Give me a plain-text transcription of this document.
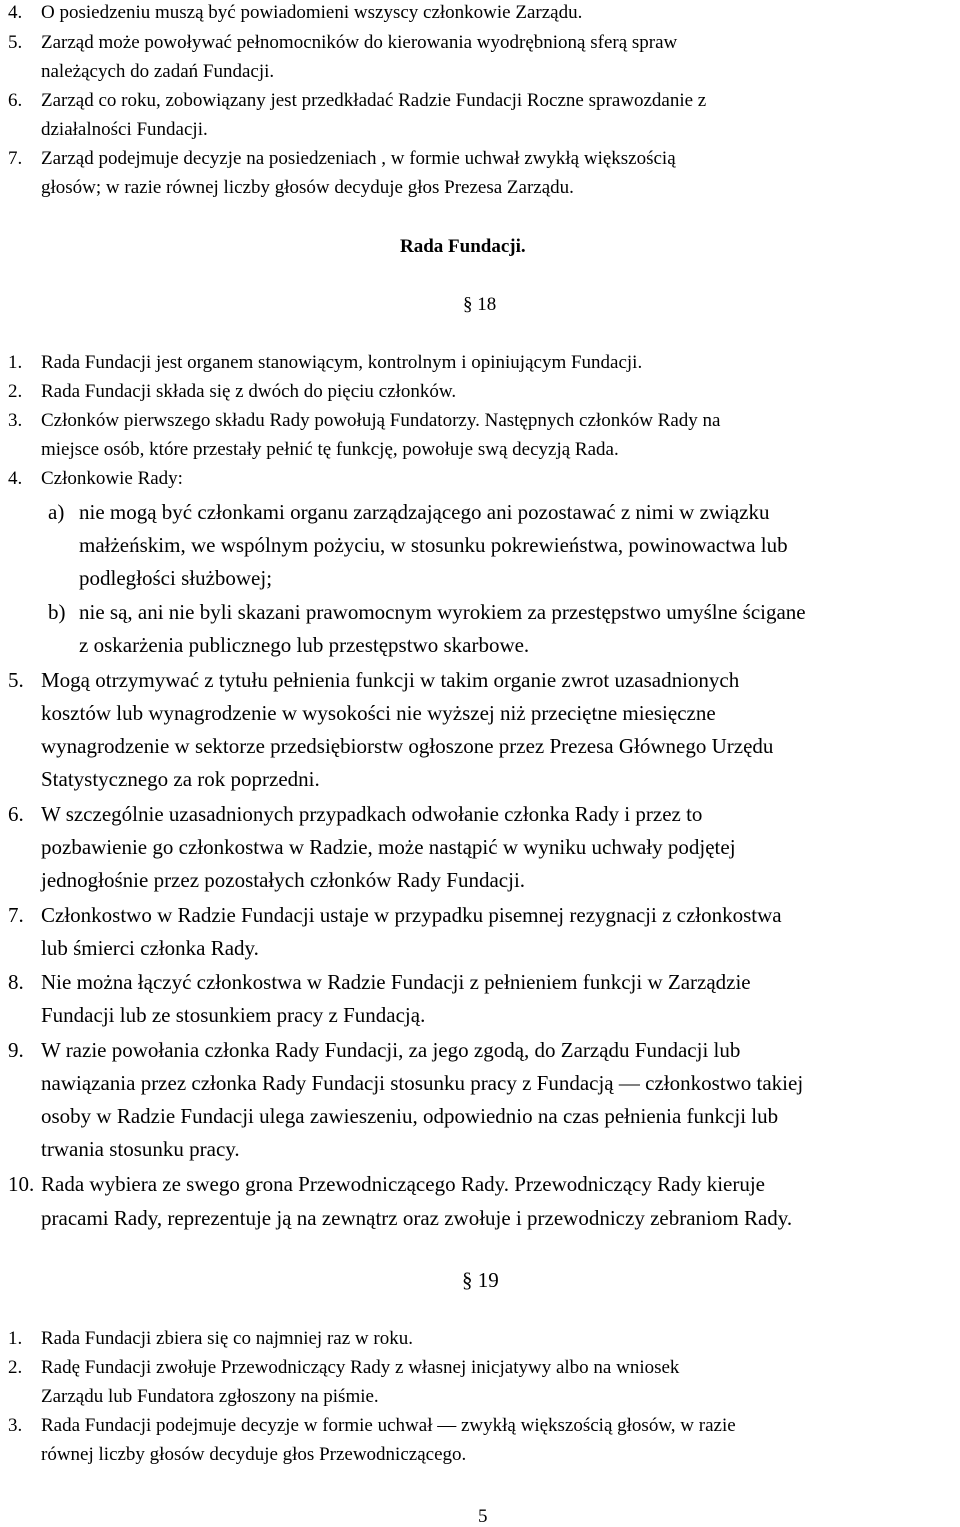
4. O posiedzeniu muszą być powiadomieni wszyscy członkowie Zarządu.
5. Zarząd może powoływać pełnomocników do kierowania wyodrębnioną sferą spraw
należących do zadań Fundacji.
6. Zarząd co roku, zobowiązany jest przedkładać Radzie Fundacji Roczne sprawozdanie z
działalności Fundacji.
7. Zarząd podejmuje decyzje na posiedzeniach , w formie uchwał zwykłą większością
głosów; w razie równej liczby głosów decyduje głos Prezesa Zarządu.
Rada Fundacji.
§ 18
1. Rada Fundacji jest organem stanowiącym, kontrolnym i opiniującym Fundacji.
2. Rada Fundacji składa się z dwóch do pięciu członków.
3. Członków pierwszego składu Rady powołują Fundatorzy. Następnych członków Rady na
miejsce osób, które przestały pełnić tę funkcję, powołuje swą decyzją Rada.
4. Członkowie Rady:
a) nie mogą być członkami organu zarządzającego ani pozostawać z nimi w związku
małżeńskim, we wspólnym pożyciu, w stosunku pokrewieństwa, powinowactwa lub
podległości służbowej;
b) nie są, ani nie byli skazani prawomocnym wyrokiem za przestępstwo umyślne ścigane
z oskarżenia publicznego lub przestępstwo skarbowe.
5. Mogą otrzymywać z tytułu pełnienia funkcji w takim organie zwrot uzasadnionych
kosztów lub wynagrodzenie w wysokości nie wyższej niż przeciętne miesięczne
wynagrodzenie w sektorze przedsiębiorstw ogłoszone przez Prezesa Głównego Urzędu
Statystycznego za rok poprzedni.
6. W szczególnie uzasadnionych przypadkach odwołanie członka Rady i przez to
pozbawienie go członkostwa w Radzie, może nastąpić w wyniku uchwały podjętej
jednogłośnie przez pozostałych członków Rady Fundacji.
7. Członkostwo w Radzie Fundacji ustaje w przypadku pisemnej rezygnacji z członkostwa
lub śmierci członka Rady.
8. Nie można łączyć członkostwa w Radzie Fundacji z pełnieniem funkcji w Zarządzie
Fundacji lub ze stosunkiem pracy z Fundacją.
9. W razie powołania członka Rady Fundacji, za jego zgodą, do Zarządu Fundacji lub
nawiązania przez członka Rady Fundacji stosunku pracy z Fundacją — członkostwo takiej
osoby w Radzie Fundacji ulega zawieszeniu, odpowiednio na czas pełnienia funkcji lub
trwania stosunku pracy.
10. Rada wybiera ze swego grona Przewodniczącego Rady. Przewodniczący Rady kieruje
pracami Rady, reprezentuje ją na zewnątrz oraz zwołuje i przewodniczy zebraniom Rady.
§ 19
1. Rada Fundacji zbiera się co najmniej raz w roku.
2. Radę Fundacji zwołuje Przewodniczący Rady z własnej inicjatywy albo na wniosek
Zarządu lub Fundatora zgłoszony na piśmie.
3. Rada Fundacji podejmuje decyzje w formie uchwał — zwykłą większością głosów, w razie
równej liczby głosów decyduje głos Przewodniczącego.
5
